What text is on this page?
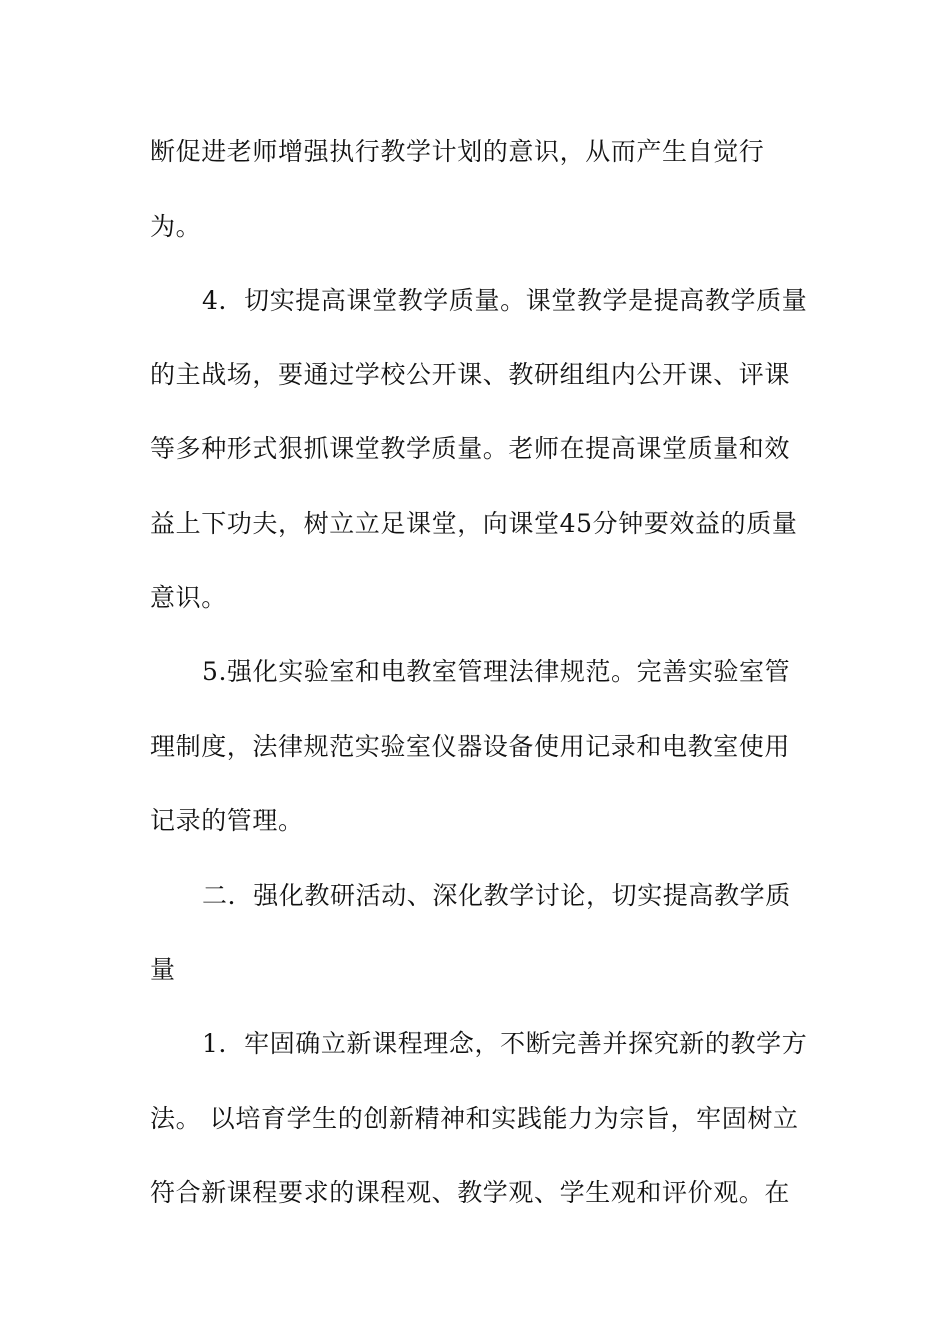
断促进老师增强执行教学计划的意识，从而产生自觉行
为。
4．切实提高课堂教学质量。课堂教学是提高教学质量
的主战场，要通过学校公开课、教研组组内公开课、评课
等多种形式狠抓课堂教学质量。老师在提高课堂质量和效
益上下功夫，树立立足课堂，向课堂45分钟要效益的质量
意识。
5.强化实验室和电教室管理法律规范。完善实验室管
理制度，法律规范实验室仪器设备使用记录和电教室使用
记录的管理。
二．强化教研活动、深化教学讨论，切实提高教学质
量
1．牢固确立新课程理念，不断完善并探究新的教学方
法。 以培育学生的创新精神和实践能力为宗旨，牢固树立
符合新课程要求的课程观、教学观、学生观和评价观。在
